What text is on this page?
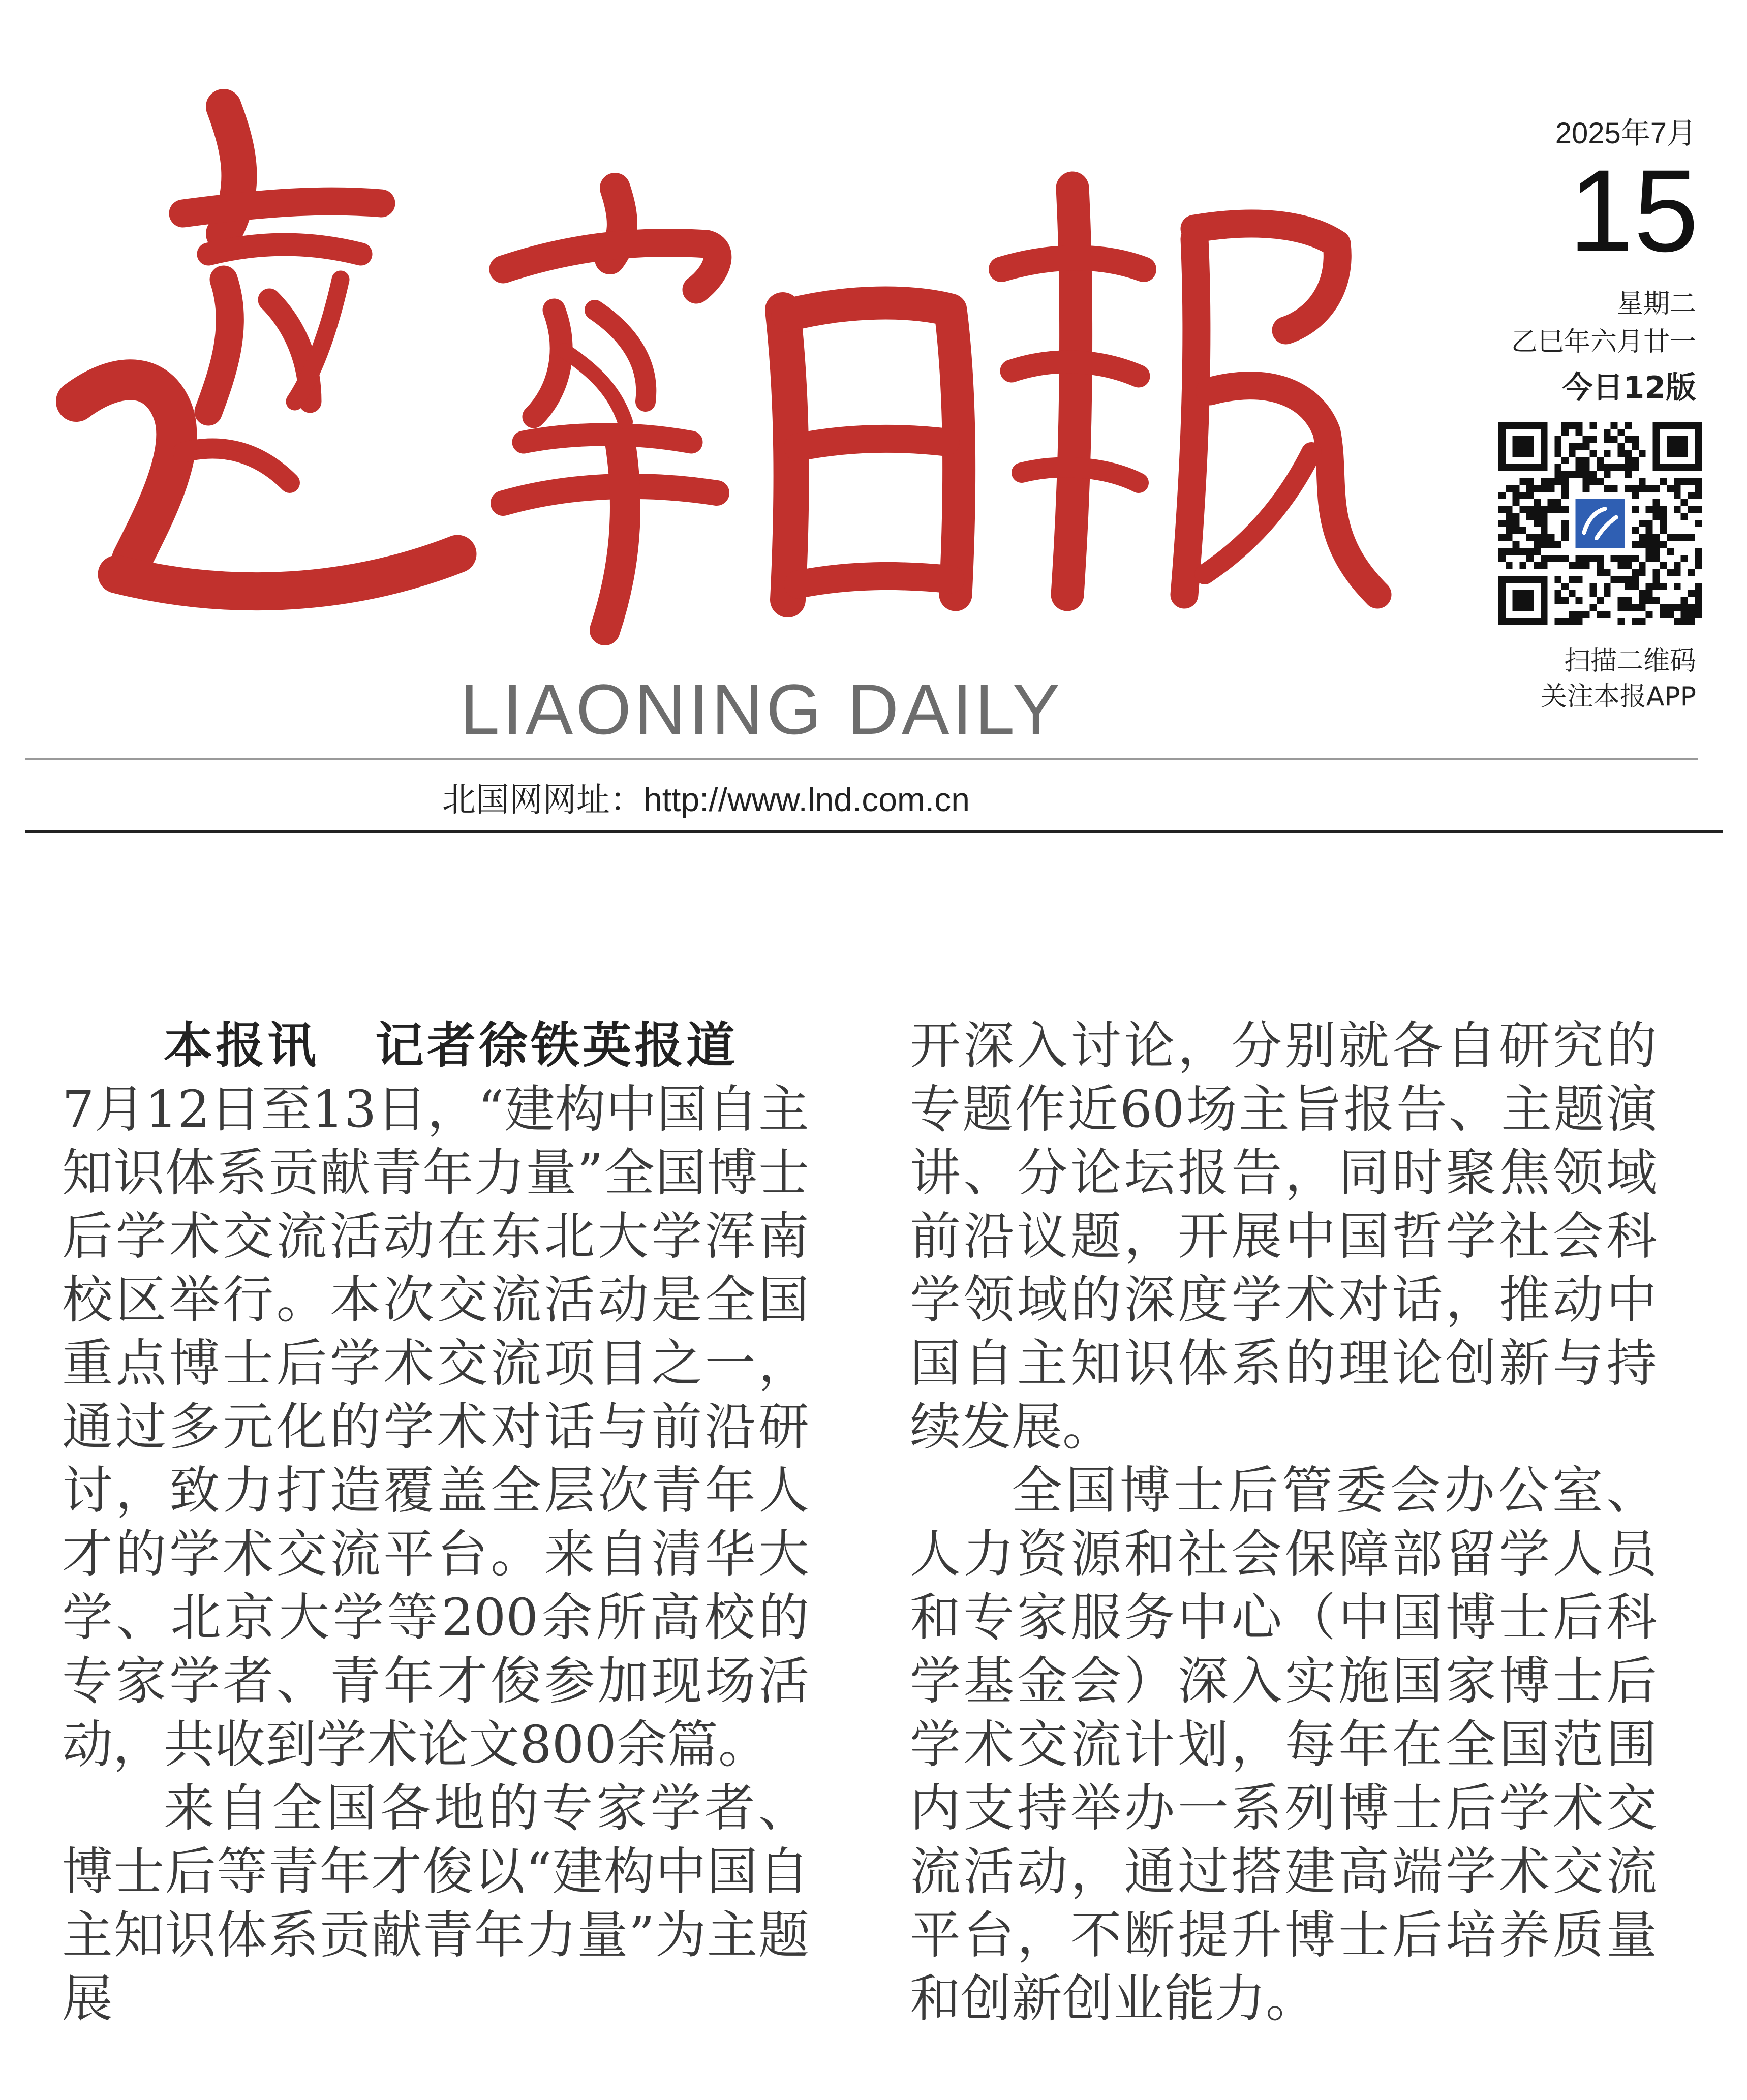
LIAONING DAILY
2025年7月
15
星期二
乙巳年六月廿一
今日12版
扫描二维码
关注本报APP
北国网网址：http://www.lnd.com.cn

本报讯 记者徐铁英报道

7月12日至13日，“建构中国自主知识体系贡献青年力量”全国博士后学术交流活动在东北大学浑南校区举行。本次交流活动是全国重点博士后学术交流项目之一，通过多元化的学术对话与前沿研讨，致力打造覆盖全层次青年人才的学术交流平台。来自清华大学、北京大学等200余所高校的专家学者、青年才俊参加现场活动，共收到学术论文800余篇。

来自全国各地的专家学者、博士后等青年才俊以“建构中国自主知识体系贡献青年力量”为主题展

开深入讨论，分别就各自研究的专题作近60场主旨报告、主题演讲、分论坛报告，同时聚焦领域前沿议题，开展中国哲学社会科学领域的深度学术对话，推动中国自主知识体系的理论创新与持续发展。

全国博士后管委会办公室、人力资源和社会保障部留学人员和专家服务中心（中国博士后科学基金会）深入实施国家博士后学术交流计划，每年在全国范围内支持举办一系列博士后学术交流活动，通过搭建高端学术交流平台，不断提升博士后培养质量和创新创业能力。
